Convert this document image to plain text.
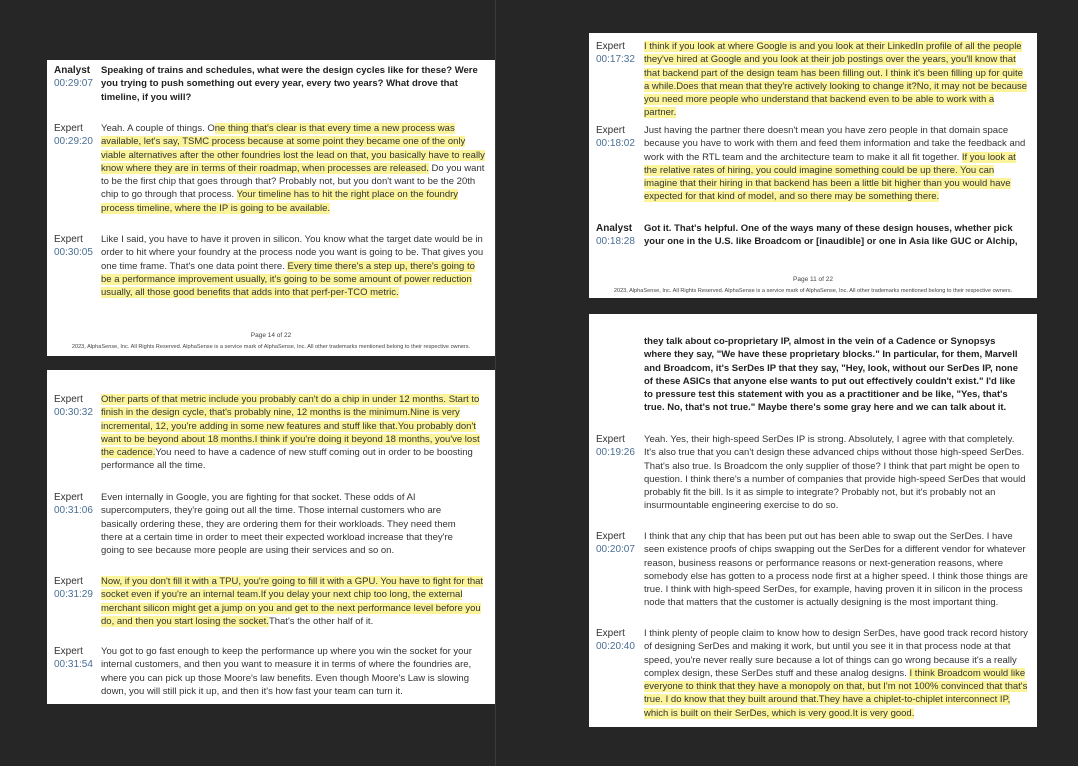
Analyst
00:29:07

Speaking of trains and schedules, what were the design cycles like for these? Were you trying to push something out every year, every two years? What drove that timeline, if you will?

Expert
00:29:20

Yeah. A couple of things. One thing that's clear is that every time a new process was available, let's say, TSMC process because at some point they became one of the only viable alternatives after the other foundries lost the lead on that, you basically have to really know where they are in terms of their roadmap, when processes are released. Do you want to be the first chip that goes through that? Probably not, but you don't want to be the 20th chip to go through that process. Your timeline has to hit the right place on the foundry process timeline, where the IP is going to be available.

Expert
00:30:05

Like I said, you have to have it proven in silicon. You know what the target date would be in order to hit where your foundry at the process node you want is going to be. That gives you one time frame. That's one data point there. Every time there's a step up, there's going to be a performance improvement usually, it's going to be some amount of power reduction usually, all those good benefits that adds into that perf-per-TCO metric.

Page 14 of 22
2023, AlphaSense, Inc. All Rights Reserved. AlphaSense is a service mark of AlphaSense, Inc. All other trademarks mentioned belong to their respective owners.
Expert
00:30:32

Other parts of that metric include you probably can't do a chip in under 12 months. Start to finish in the design cycle, that's probably nine, 12 months is the minimum.Nine is very incremental, 12, you're adding in some new features and stuff like that.You probably don't want to be beyond about 18 months.I think if you're doing it beyond 18 months, you've lost the cadence.You need to have a cadence of new stuff coming out in order to be boosting performance all the time.

Expert
00:31:06

Even internally in Google, you are fighting for that socket. These odds of AI supercomputers, they're going out all the time. Those internal customers who are basically ordering these, they are ordering them for their workloads. They need them there at a certain time in order to meet their expected workload increase that they're going to see because more people are using their services and so on.

Expert
00:31:29

Now, if you don't fill it with a TPU, you're going to fill it with a GPU. You have to fight for that socket even if you're an internal team.If you delay your next chip too long, the external merchant silicon might get a jump on you and get to the next performance level before you do, and then you start losing the socket.That's the other half of it.

Expert
00:31:54

You got to go fast enough to keep the performance up where you win the socket for your internal customers, and then you want to measure it in terms of where the foundries are, where you can pick up those Moore's law benefits. Even though Moore's Law is slowing down, you will still pick it up, and then it's how fast your team can turn it.

Expert
00:17:32

I think if you look at where Google is and you look at their LinkedIn profile of all the people they've hired at Google and you look at their job postings over the years, you'll know that that backend part of the design team has been filling out. I think it's been filling up for quite a while.Does that mean that they're actively looking to change it?No, it may not be because you need more people who understand that backend even to be able to work with a partner.

Expert
00:18:02

Just having the partner there doesn't mean you have zero people in that domain space because you have to work with them and feed them information and take the feedback and work with the RTL team and the architecture team to make it all fit together. If you look at the relative rates of hiring, you could imagine something could be up there. You can imagine that their hiring in that backend has been a little bit higher than you would have expected for that kind of model, and so there may be something there.

Analyst
00:18:28

Got it. That's helpful. One of the ways many of these design houses, whether pick your one in the U.S. like Broadcom or [inaudible] or one in Asia like GUC or Alchip,

Page 11 of 22
2023, AlphaSense, Inc. All Rights Reserved. AlphaSense is a service mark of AlphaSense, Inc. All other trademarks mentioned belong to their respective owners.

they talk about co-proprietary IP, almost in the vein of a Cadence or Synopsys where they say, "We have these proprietary blocks." In particular, for them, Marvell and Broadcom, it's SerDes IP that they say, "Hey, look, without our SerDes IP, none of these ASICs that anyone else wants to put out effectively couldn't exist." I'd like to pressure test this statement with you as a practitioner and be like, "Yes, that's true. No, that's not true." Maybe there's some gray here and we can talk about it.

Expert
00:19:26

Yeah. Yes, their high-speed SerDes IP is strong. Absolutely, I agree with that completely. It's also true that you can't design these advanced chips without those high-speed SerDes. That's also true. Is Broadcom the only supplier of those? I think that part might be open to question. I think there's a number of companies that provide high-speed SerDes that would probably fit the bill. Is it as simple to integrate? Probably not, but it's probably not an insurmountable engineering exercise to do so.

Expert
00:20:07

I think that any chip that has been put out has been able to swap out the SerDes. I have seen existence proofs of chips swapping out the SerDes for a different vendor for whatever reason, business reasons or performance reasons or next-generation reasons, where somebody else has gotten to a process node first at a higher speed. I think those things are true. I think with high-speed SerDes, for example, having proven it in silicon in the process node that matters that the customer is actually designing is the most important thing.

Expert
00:20:40

I think plenty of people claim to know how to design SerDes, have good track record history of designing SerDes and making it work, but until you see it in that process node at that speed, you're never really sure because a lot of things can go wrong because it's a really complex design, these SerDes stuff and these analog designs. I think Broadcom would like everyone to think that they have a monopoly on that, but I'm not 100% convinced that that's true. I do know that they built around that.They have a chiplet-to-chiplet interconnect IP, which is built on their SerDes, which is very good.It is very good.
